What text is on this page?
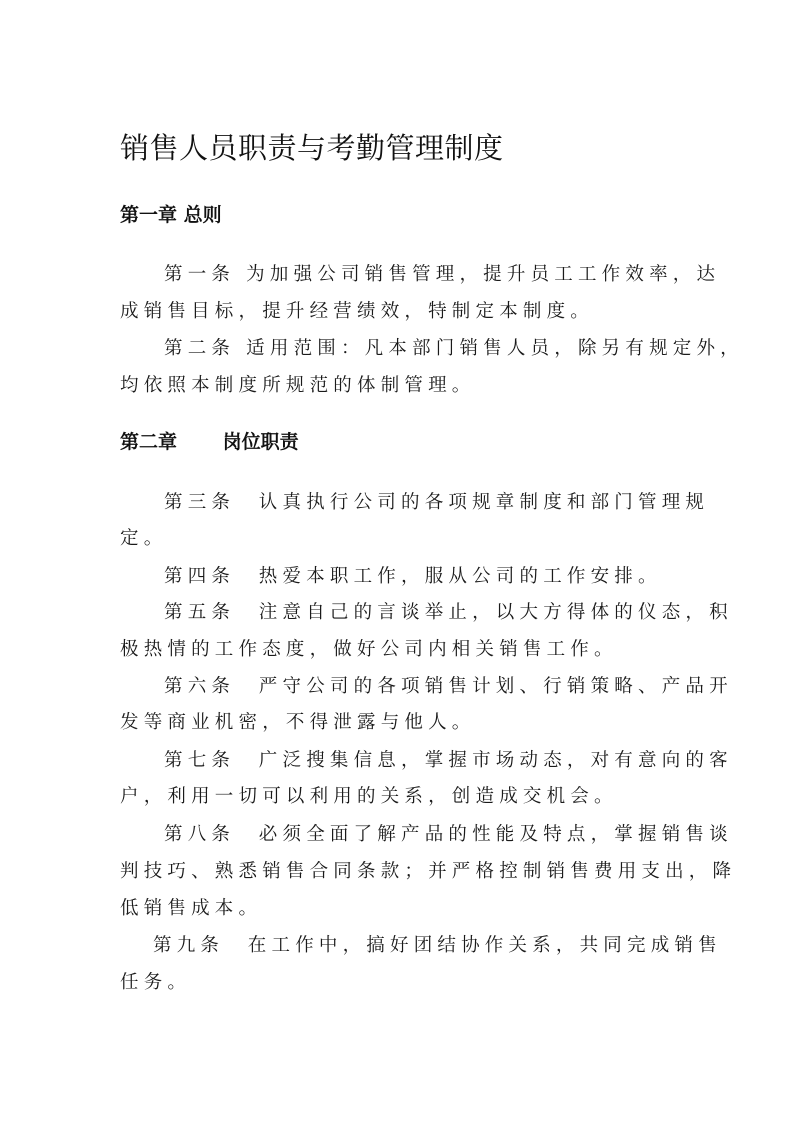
销售人员职责与考勤管理制度
第一章 总则
第一条 为加强公司销售管理，提升员工工作效率，达
成销售目标，提升经营绩效，特制定本制度。
第二条 适用范围：凡本部门销售人员，除另有规定外，
均依照本制度所规范的体制管理。
第二章　 岗位职责
第三条　认真执行公司的各项规章制度和部门管理规
定。
第四条　热爱本职工作，服从公司的工作安排。
第五条　注意自己的言谈举止，以大方得体的仪态，积
极热情的工作态度，做好公司内相关销售工作。
第六条　严守公司的各项销售计划、行销策略、产品开
发等商业机密，不得泄露与他人。
第七条　广泛搜集信息，掌握市场动态，对有意向的客
户，利用一切可以利用的关系，创造成交机会。
第八条　必须全面了解产品的性能及特点，掌握销售谈
判技巧、熟悉销售合同条款；并严格控制销售费用支出，降
低销售成本。
第九条　在工作中，搞好团结协作关系，共同完成销售
任务。
